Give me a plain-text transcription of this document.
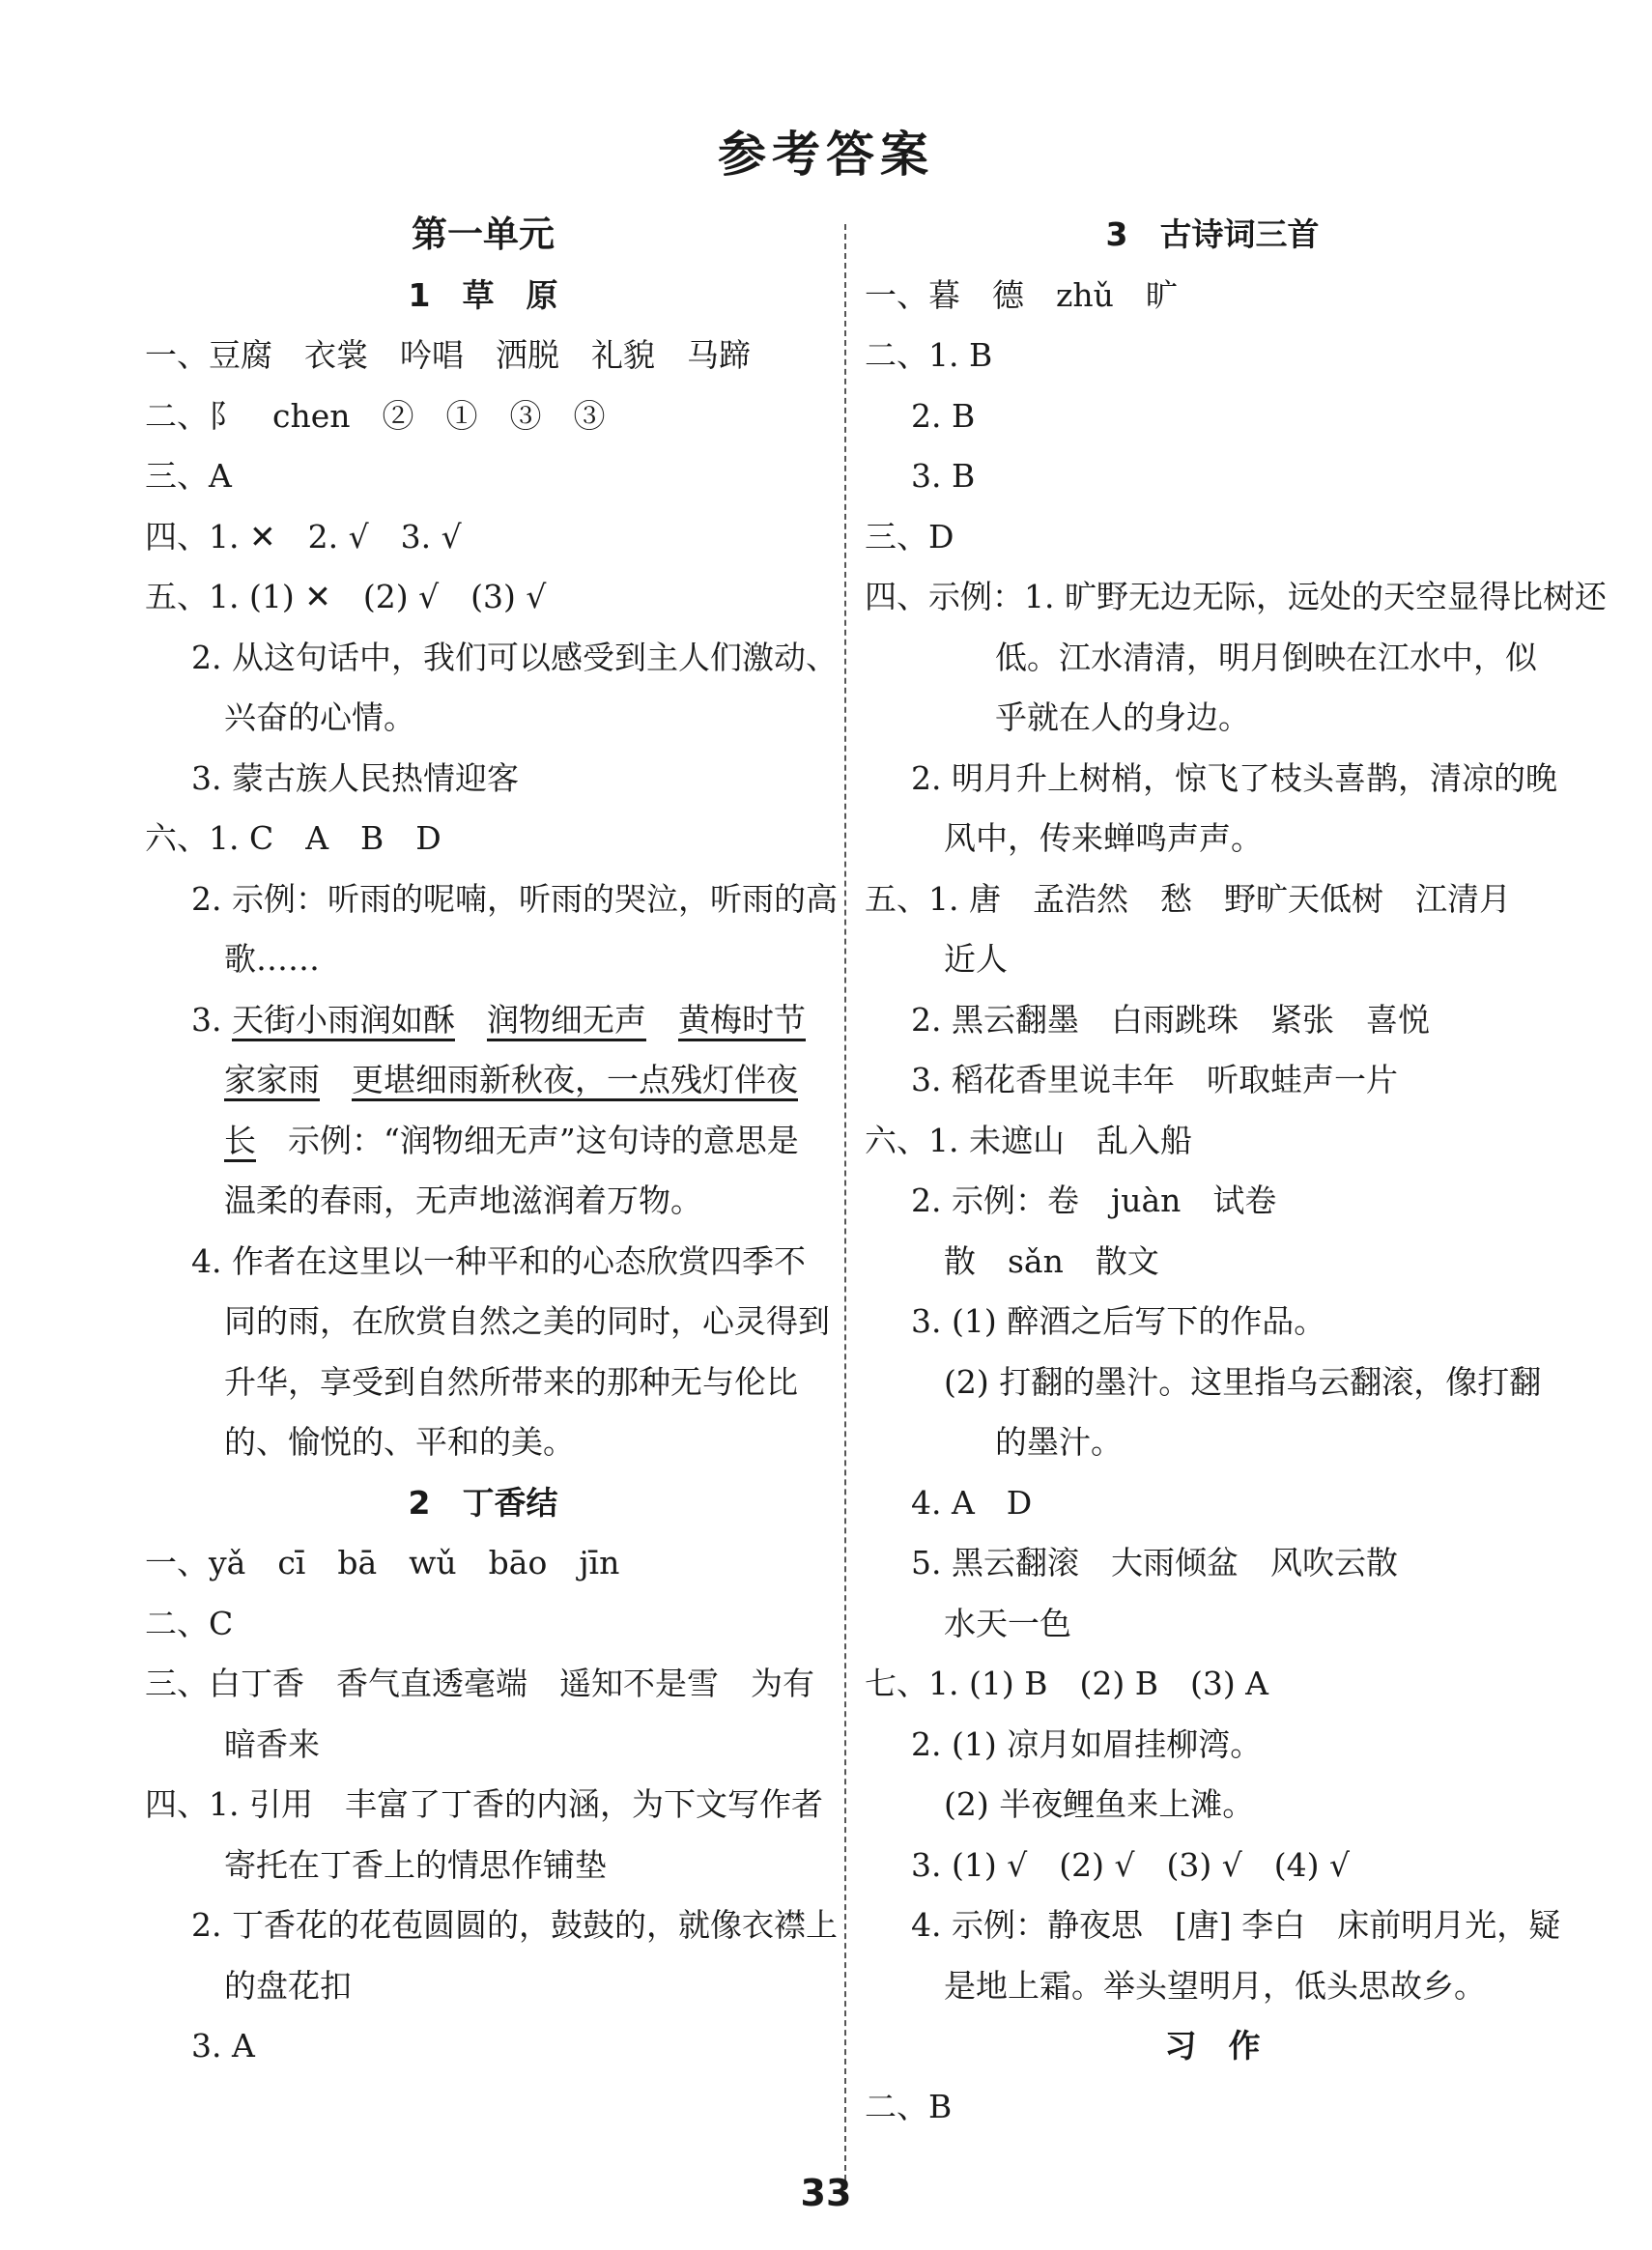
参考答案
第一单元
1　草　原
一、豆腐　衣裳　吟唱　洒脱　礼貌　马蹄
二、阝　chen　②　①　③　③
三、A
四、1. ✕　2. √　3. √
五、1. (1) ✕　(2) √　(3) √
2. 从这句话中，我们可以感受到主人们激动、
兴奋的心情。
3. 蒙古族人民热情迎客
六、1. C　A　B　D
2. 示例：听雨的呢喃，听雨的哭泣，听雨的高
歌……
3. 天街小雨润如酥　 润物细无声　 黄梅时节
家家雨　 更堪细雨新秋夜，一点残灯伴夜
长　示例：“润物细无声”这句诗的意思是
温柔的春雨，无声地滋润着万物。
4. 作者在这里以一种平和的心态欣赏四季不
同的雨，在欣赏自然之美的同时，心灵得到
升华，享受到自然所带来的那种无与伦比
的、愉悦的、平和的美。
2　丁香结
一、yǎ　cī　bā　wǔ　bāo　jīn
二、C
三、白丁香　香气直透毫端　遥知不是雪　为有
暗香来
四、1. 引用　丰富了丁香的内涵，为下文写作者
寄托在丁香上的情思作铺垫
2. 丁香花的花苞圆圆的，鼓鼓的，就像衣襟上
的盘花扣
3. A
3　古诗词三首
一、暮　德　zhǔ　旷
二、1. B
2. B
3. B
三、D
四、示例：1. 旷野无边无际，远处的天空显得比树还
低。江水清清，明月倒映在江水中，似
乎就在人的身边。
2. 明月升上树梢，惊飞了枝头喜鹊，清凉的晚
风中，传来蝉鸣声声。
五、1. 唐　孟浩然　愁　野旷天低树　江清月
近人
2. 黑云翻墨　白雨跳珠　紧张　喜悦
3. 稻花香里说丰年　听取蛙声一片
六、1. 未遮山　乱入船
2. 示例：卷　juàn　试卷
散　sǎn　散文
3. (1) 醉酒之后写下的作品。
(2) 打翻的墨汁。这里指乌云翻滚，像打翻
的墨汁。
4. A　D
5. 黑云翻滚　大雨倾盆　风吹云散
水天一色
七、1. (1) B　(2) B　(3) A
2. (1) 凉月如眉挂柳湾。
(2) 半夜鲤鱼来上滩。
3. (1) √　(2) √　(3) √　(4) √
4. 示例：静夜思　[唐] 李白　床前明月光，疑
是地上霜。举头望明月，低头思故乡。
习　作
二、B
33
